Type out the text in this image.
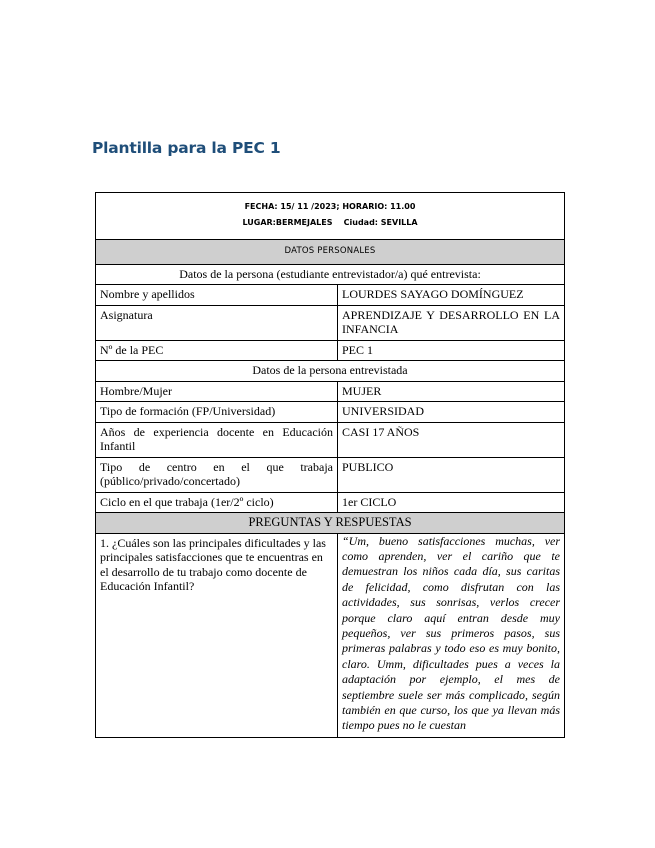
Plantilla para la PEC 1
FECHA: 15/ 11 /2023; HORARIO: 11.00
LUGAR:BERMEJALES    Ciudad: SEVILLA	

DATOS PERSONALES	
Datos de la persona (estudiante entrevistador/a) qué entrevista:	
Nombre y apellidos	LOURDES SAYAGO DOMÍNGUEZ
Asignatura	APRENDIZAJE Y DESARROLLO EN LA INFANCIA
Nº de la PEC	PEC 1
Datos de la persona entrevistada	
Hombre/Mujer	MUJER
Tipo de formación (FP/Universidad)	UNIVERSIDAD
Años de experiencia docente en Educación Infantil	CASI 17 AÑOS
Tipo de centro en el que trabaja (público/privado/concertado)	PUBLICO
Ciclo en el que trabaja (1er/2º ciclo)	1er CICLO
PREGUNTAS Y RESPUESTAS	
1. ¿Cuáles son las principales dificultades y las principales satisfacciones que te encuentras en el desarrollo de tu trabajo como docente de Educación Infantil?	“Um, bueno satisfacciones muchas, ver como aprenden, ver el cariño que te demuestran los niños cada día, sus caritas de felicidad, como disfrutan con las actividades, sus sonrisas, verlos crecer porque claro aquí entran desde muy pequeños, ver sus primeros pasos, sus primeras palabras y todo eso es muy bonito, claro. Umm, dificultades pues a veces la adaptación por ejemplo, el mes de septiembre suele ser más complicado, según también en que curso, los que ya llevan más tiempo pues no le cuestan
